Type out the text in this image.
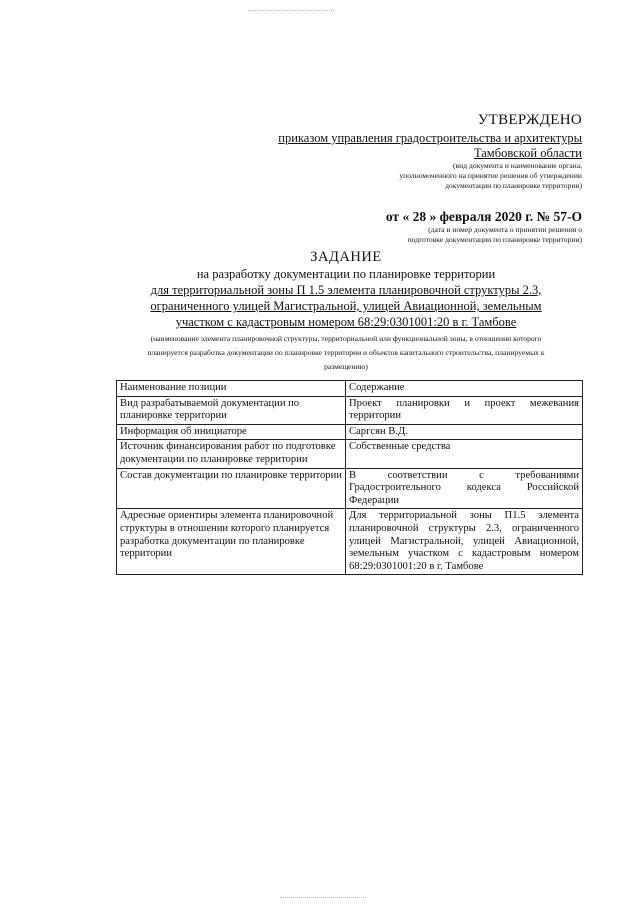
УТВЕРЖДЕНО
приказом управления градостроительства и архитектуры
Тамбовской области
(вид документа и наименование органа,
уполномоченного на принятие решения об утверждении
документации по планировке территории)
от « 28 » февраля 2020 г. № 57-О
(дата и номер документа о принятии решения о
подготовке документации по планировке территории)
ЗАДАНИЕ
на разработку документации по планировке территории
для территориальной зоны П 1.5 элемента планировочной структуры 2.3,
ограниченного улицей Магистральной, улицей Авиационной, земельным
участком с кадастровым номером 68:29:0301001:20 в г. Тамбове
(наименование элемента планировочной структуры, территориальной или функциональной зоны, в отношении которого
планируется разработка документации по планировке территории и объектов капитального строительства, планируемых к
размещению)
Наименование позиции	Содержание
Вид разрабатываемой документации по планировке территории	Проект планировки и проект межевания территории
Информация об инициаторе	Саргсян В.Д.
Источник финансирования работ по подготовке документации по планировке территории	Собственные средства
Состав документации по планировке территории	В соответствии с требованиями Градостроительного кодекса Российской Федерации
Адресные ориентиры элемента планировочной структуры в отношении которого планируется разработка документации по планировке территории	Для территориальной зоны П1.5 элемента планировочной структуры 2.3, ограниченного улицей Магистральной, улицей Авиационной, земельным участком с кадастровым номером 68:29:0301001:20 в г. Тамбове
